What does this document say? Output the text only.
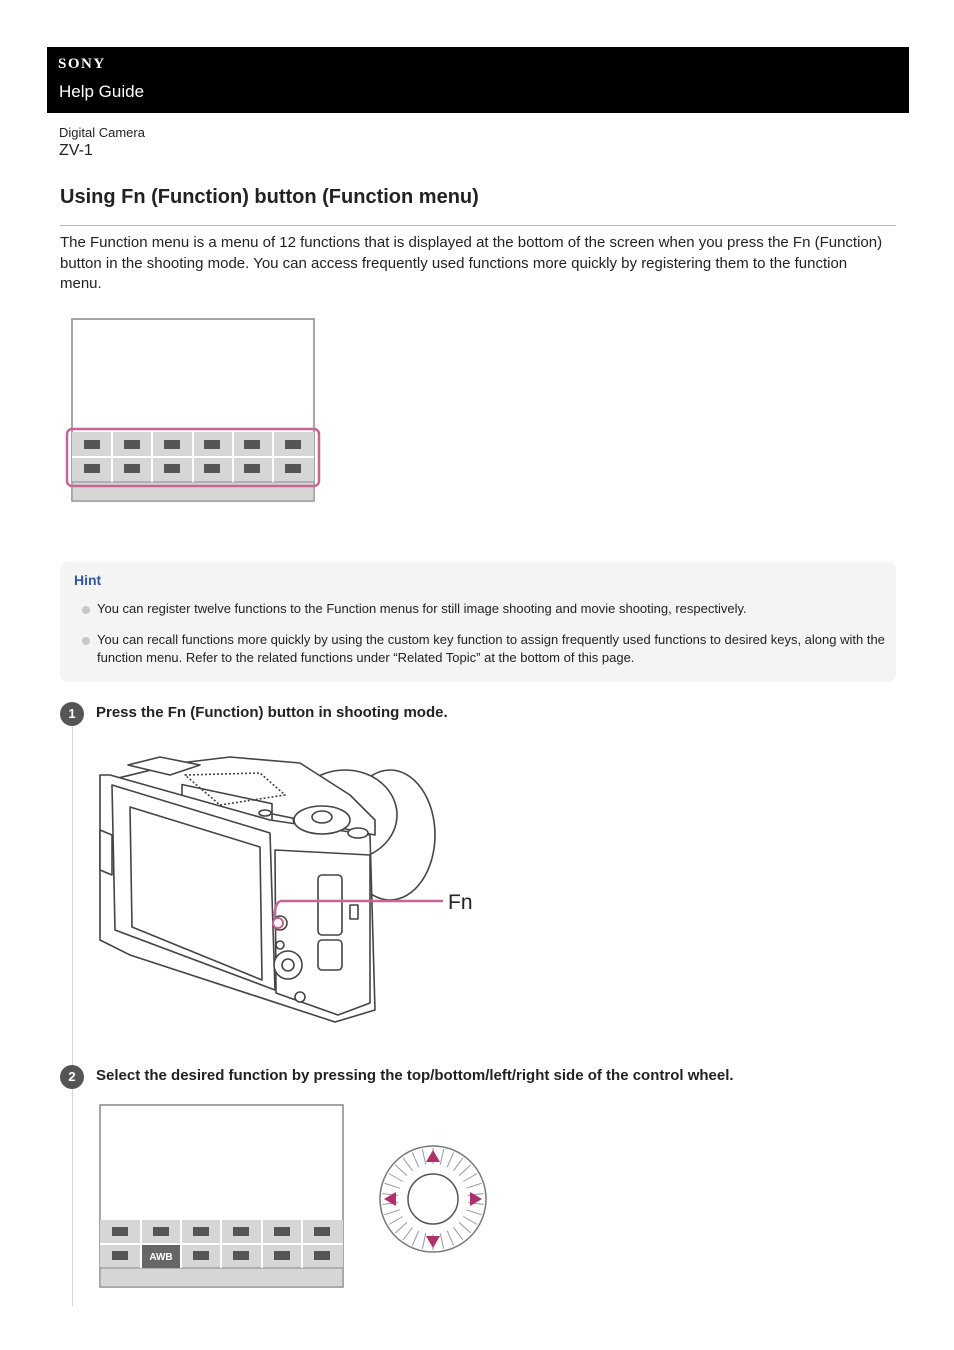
SONY
Help Guide
Digital Camera
ZV-1
Using Fn (Function) button (Function menu)
The Function menu is a menu of 12 functions that is displayed at the bottom of the screen when you press the Fn (Function) button in the shooting mode. You can access frequently used functions more quickly by registering them to the function menu.
Hint
You can register twelve functions to the Function menus for still image shooting and movie shooting, respectively.
You can recall functions more quickly by using the custom key function to assign frequently used functions to desired keys, along with the function menu. Refer to the related functions under “Related Topic” at the bottom of this page.
1	Press the Fn (Function) button in shooting mode.
Fn
2	Select the desired function by pressing the top/bottom/left/right side of the control wheel.
AWB
